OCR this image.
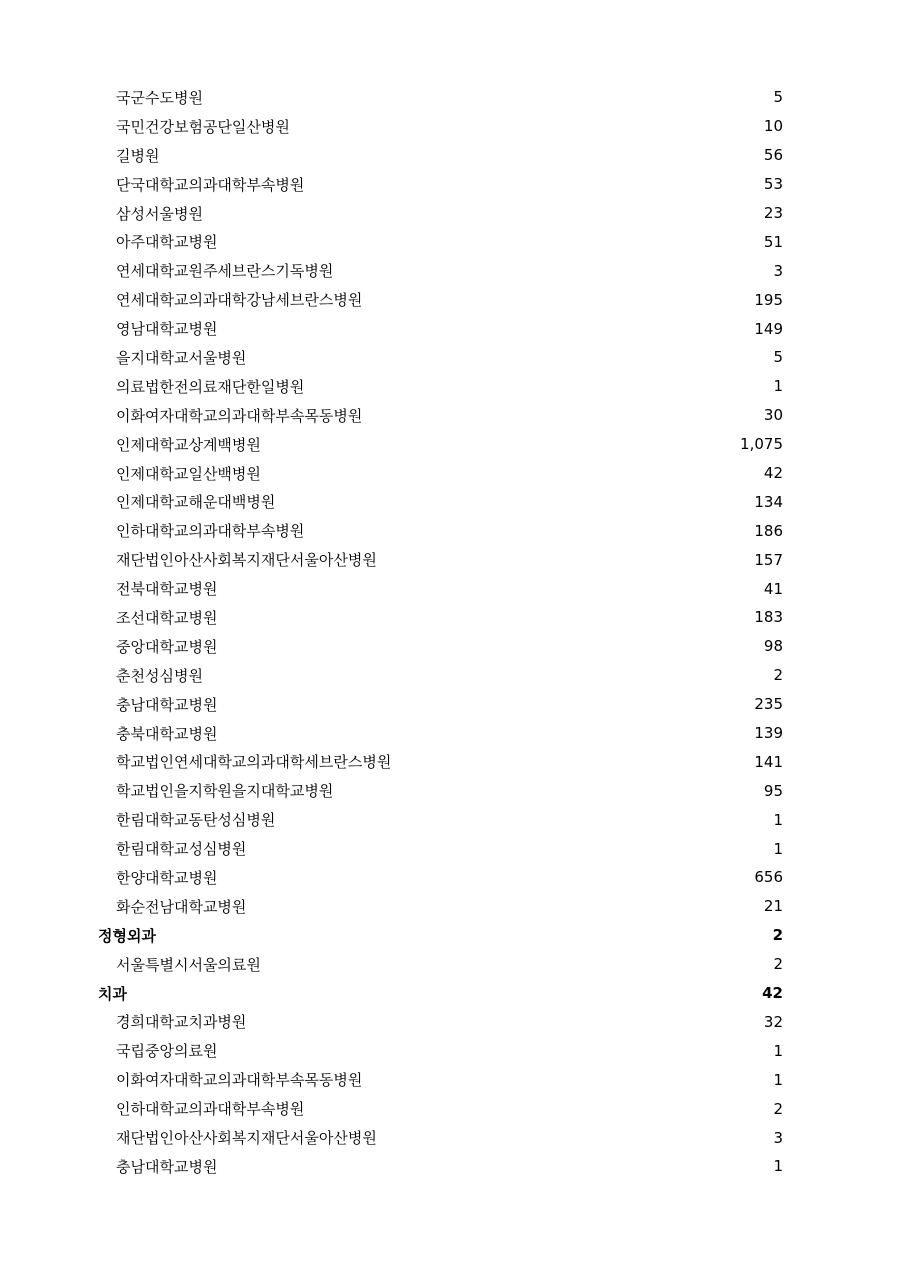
국군수도병원	5
국민건강보험공단일산병원	10
길병원	56
단국대학교의과대학부속병원	53
삼성서울병원	23
아주대학교병원	51
연세대학교원주세브란스기독병원	3
연세대학교의과대학강남세브란스병원	195
영남대학교병원	149
을지대학교서울병원	5
의료법한전의료재단한일병원	1
이화여자대학교의과대학부속목동병원	30
인제대학교상계백병원	1,075
인제대학교일산백병원	42
인제대학교해운대백병원	134
인하대학교의과대학부속병원	186
재단법인아산사회복지재단서울아산병원	157
전북대학교병원	41
조선대학교병원	183
중앙대학교병원	98
춘천성심병원	2
충남대학교병원	235
충북대학교병원	139
학교법인연세대학교의과대학세브란스병원	141
학교법인을지학원을지대학교병원	95
한림대학교동탄성심병원	1
한림대학교성심병원	1
한양대학교병원	656
화순전남대학교병원	21
정형외과	2
서울특별시서울의료원	2
치과	42
경희대학교치과병원	32
국립중앙의료원	1
이화여자대학교의과대학부속목동병원	1
인하대학교의과대학부속병원	2
재단법인아산사회복지재단서울아산병원	3
충남대학교병원	1
